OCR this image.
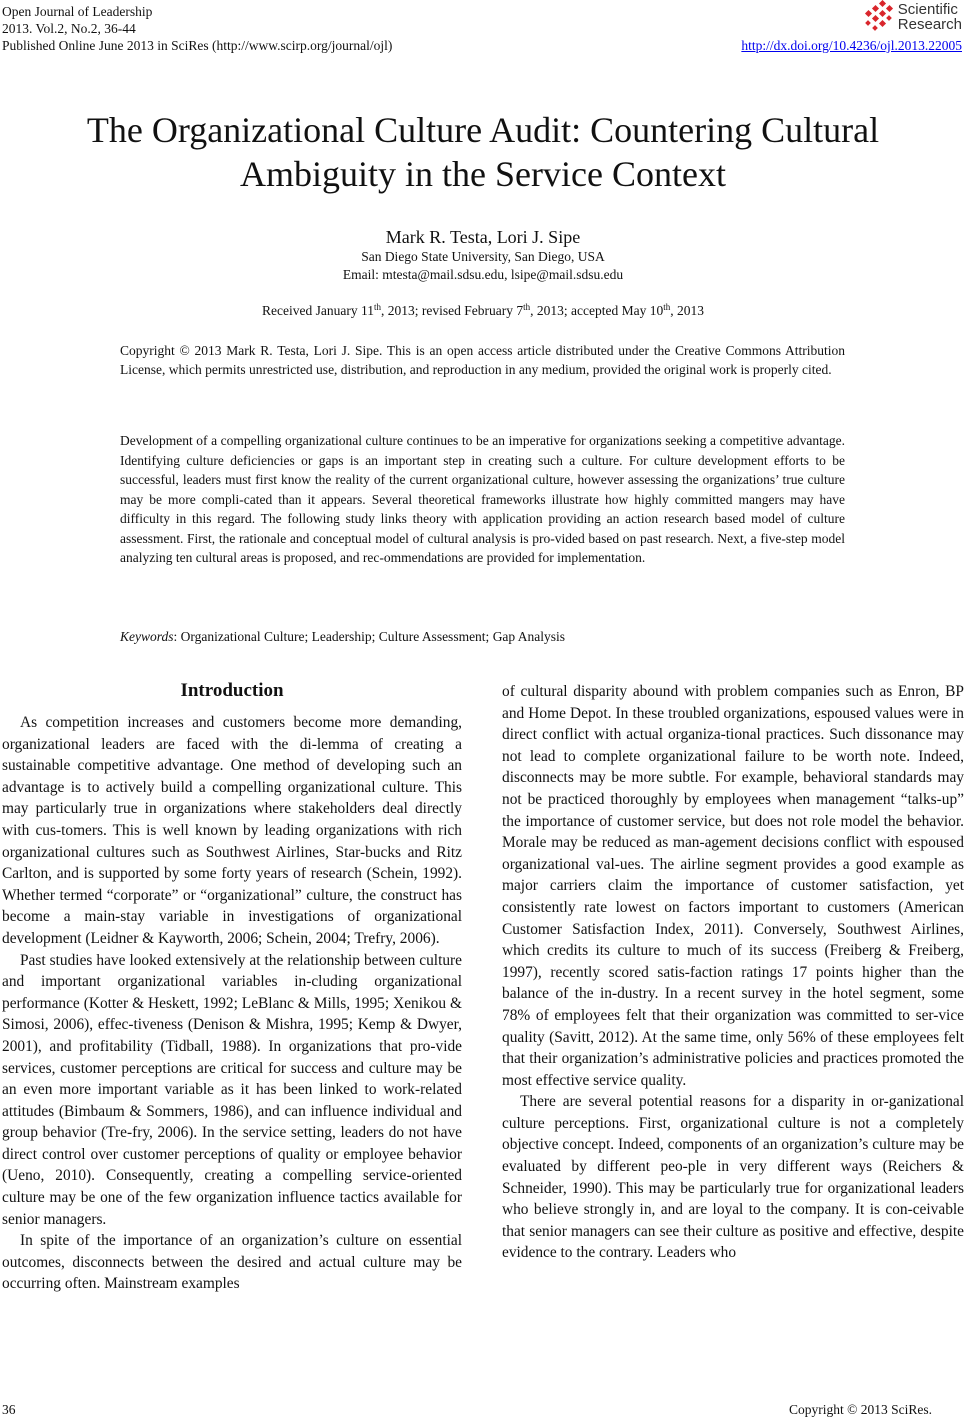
Open Journal of Leadership
2013. Vol.2, No.2, 36-44
Published Online June 2013 in SciRes (http://www.scirp.org/journal/ojl)
Scientific
Research
http://dx.doi.org/10.4236/ojl.2013.22005
The Organizational Culture Audit: Countering Cultural
Ambiguity in the Service Context
Mark R. Testa, Lori J. Sipe
San Diego State University, San Diego, USA
Email: mtesta@mail.sdsu.edu, lsipe@mail.sdsu.edu
Received January 11th, 2013; revised February 7th, 2013; accepted May 10th, 2013
Copyright © 2013 Mark R. Testa, Lori J. Sipe. This is an open access article distributed under the Creative Commons Attribution License, which permits unrestricted use, distribution, and reproduction in any medium, provided the original work is properly cited.
Development of a compelling organizational culture continues to be an imperative for organizations seeking a competitive advantage. Identifying culture deficiencies or gaps is an important step in creating such a culture. For culture development efforts to be successful, leaders must first know the reality of the current organizational culture, however assessing the organizations’ true culture may be more compli-cated than it appears. Several theoretical frameworks illustrate how highly committed mangers may have difficulty in this regard. The following study links theory with application providing an action research based model of culture assessment. First, the rationale and conceptual model of cultural analysis is pro-vided based on past research. Next, a five-step model analyzing ten cultural areas is proposed, and rec-ommendations are provided for implementation.
Keywords: Organizational Culture; Leadership; Culture Assessment; Gap Analysis
Introduction

As competition increases and customers become more demanding, organizational leaders are faced with the di-lemma of creating a sustainable competitive advantage. One method of developing such an advantage is to actively build a compelling organizational culture. This may particularly true in organizations where stakeholders deal directly with cus-tomers. This is well known by leading organizations with rich organizational cultures such as Southwest Airlines, Star-bucks and Ritz Carlton, and is supported by some forty years of research (Schein, 1992). Whether termed “corporate” or “organizational” culture, the construct has become a main-stay variable in investigations of organizational development (Leidner & Kayworth, 2006; Schein, 2004; Trefry, 2006).

Past studies have looked extensively at the relationship between culture and important organizational variables in-cluding organizational performance (Kotter & Heskett, 1992; LeBlanc & Mills, 1995; Xenikou & Simosi, 2006), effec-tiveness (Denison & Mishra, 1995; Kemp & Dwyer, 2001), and profitability (Tidball, 1988). In organizations that pro-vide services, customer perceptions are critical for success and culture may be an even more important variable as it has been linked to work-related attitudes (Bimbaum & Sommers, 1986), and can influence individual and group behavior (Tre-fry, 2006). In the service setting, leaders do not have direct control over customer perceptions of quality or employee behavior (Ueno, 2010). Consequently, creating a compelling service-oriented culture may be one of the few organization influence tactics available for senior managers.

In spite of the importance of an organization’s culture on essential outcomes, disconnects between the desired and actual culture may be occurring often. Mainstream examples

of cultural disparity abound with problem companies such as Enron, BP and Home Depot. In these troubled organizations, espoused values were in direct conflict with actual organiza-tional practices. Such dissonance may not lead to complete organizational failure to be worth note. Indeed, disconnects may be more subtle. For example, behavioral standards may not be practiced thoroughly by employees when management “talks-up” the importance of customer service, but does not role model the behavior. Morale may be reduced as man-agement decisions conflict with espoused organizational val-ues. The airline segment provides a good example as major carriers claim the importance of customer satisfaction, yet consistently rate lowest on factors important to customers (American Customer Satisfaction Index, 2011). Conversely, Southwest Airlines, which credits its culture to much of its success (Freiberg & Freiberg, 1997), recently scored satis-faction ratings 17 points higher than the balance of the in-dustry. In a recent survey in the hotel segment, some 78% of employees felt that their organization was committed to ser-vice quality (Savitt, 2012). At the same time, only 56% of these employees felt that their organization’s administrative policies and practices promoted the most effective service quality.

There are several potential reasons for a disparity in or-ganizational culture perceptions. First, organizational culture is not a completely objective concept. Indeed, components of an organization’s culture may be evaluated by different peo-ple in very different ways (Reichers & Schneider, 1990). This may be particularly true for organizational leaders who believe strongly in, and are loyal to the company. It is con-ceivable that senior managers can see their culture as positive and effective, despite evidence to the contrary. Leaders who

36	Copyright © 2013 SciRes.
